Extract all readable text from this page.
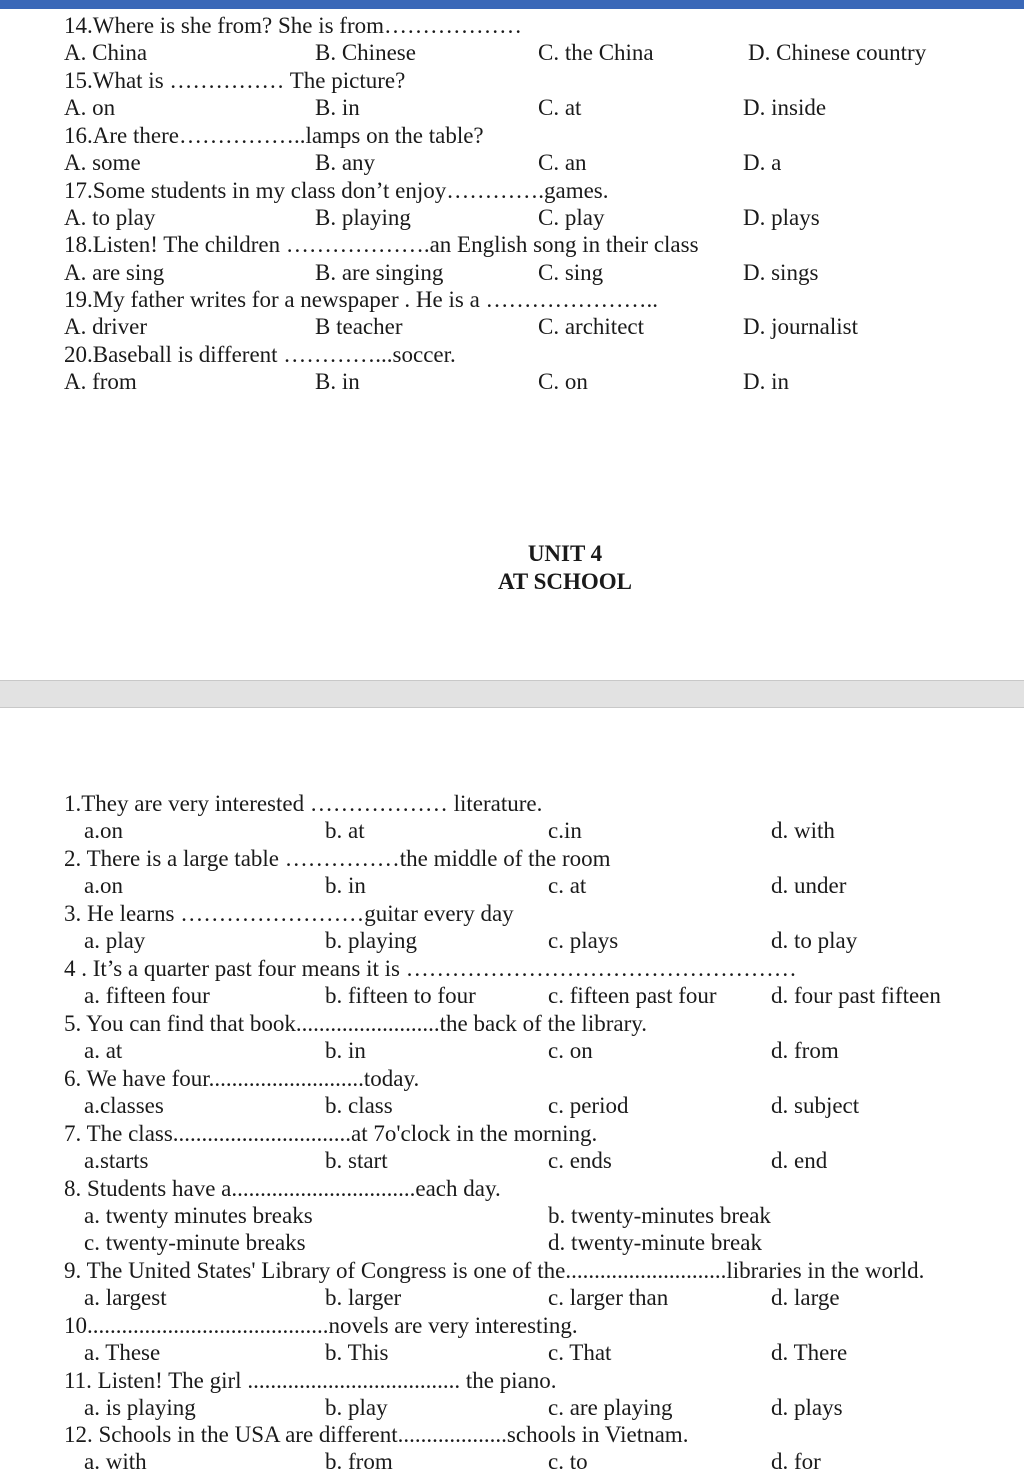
14.Where is she from? She is from………………
A. China	B. Chinese	C. the China	D. Chinese country
15.What is …………… The picture?
A. on	B. in	C. at	D. inside
16.Are there……………..lamps on the table?
A. some	B. any	C. an	D. a
17.Some students in my class don’t enjoy………….games.
A. to play	B. playing	C. play	D. plays
18.Listen! The children ……………….an English song in their class
A. are sing	B. are singing	C. sing	D. sings
19.My father writes for a newspaper . He is a …………………..
A. driver	B teacher	C. architect	D. journalist
20.Baseball is different …………...soccer.
A. from	B. in	C. on	D. in
UNIT 4
AT SCHOOL
1.They are very interested ……………… literature.
a.on	b. at	c.in	d. with
2. There is a large table ……………the middle of the room
a.on	b. in	c. at	d. under
3. He learns ……………………guitar every day
a. play	b. playing	c. plays	d. to play
4 . It’s a quarter past four means it is ……………………………………………
a. fifteen four	b. fifteen to four	c. fifteen past four d. four past fifteen
5. You can find that book.........................the back of the library.
a. at	b. in	c. on	d. from
6. We have four...........................today.
a.classes	b. class	c. period	d. subject
7. The class...............................at 7o'clock in the morning.
a.starts	b. start	c. ends	d. end
8. Students have a................................each day.
a. twenty minutes breaks	b. twenty-minutes break
c. twenty-minute breaks	d. twenty-minute break
9. The United States' Library of Congress is one of the............................libraries in the world.
a. largest	b. larger	c. larger than	d. large
10..........................................novels are very interesting.
a. These	b. This	c. That	d. There
11. Listen! The girl ..................................... the piano.
a. is playing	b. play	c. are playing	d. plays
12. Schools in the USA are different...................schools in Vietnam.
a. with	b. from	c. to	d. for
